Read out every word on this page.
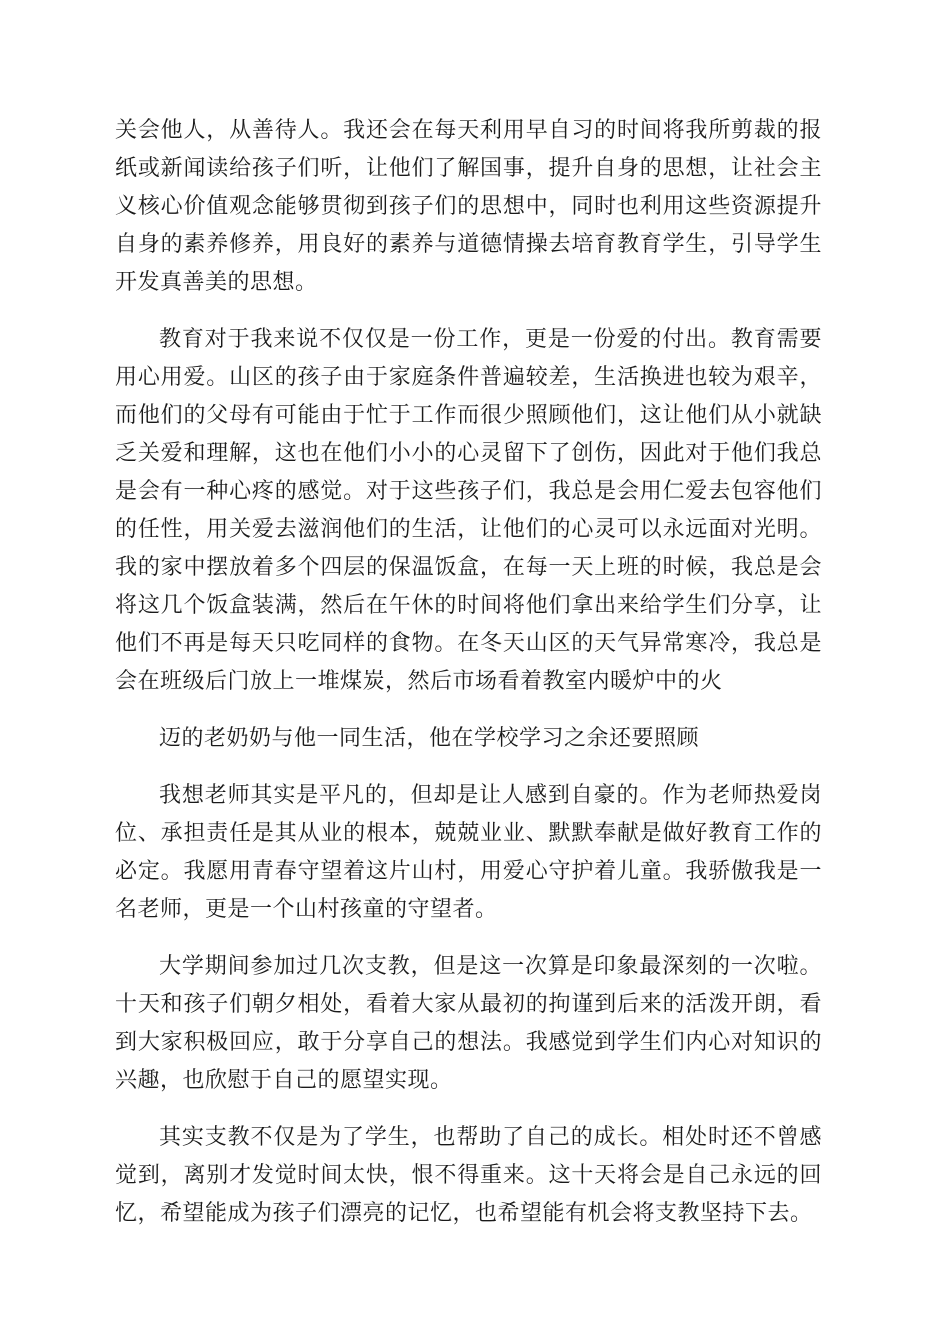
关会他人，从善待人。我还会在每天利用早自习的时间将我所剪裁的报纸或新闻读给孩子们听，让他们了解国事，提升自身的思想，让社会主义核心价值观念能够贯彻到孩子们的思想中，同时也利用这些资源提升自身的素养修养，用良好的素养与道德情操去培育教育学生，引导学生开发真善美的思想。

教育对于我来说不仅仅是一份工作，更是一份爱的付出。教育需要用心用爱。山区的孩子由于家庭条件普遍较差，生活换进也较为艰辛，而他们的父母有可能由于忙于工作而很少照顾他们，这让他们从小就缺乏关爱和理解，这也在他们小小的心灵留下了创伤，因此对于他们我总是会有一种心疼的感觉。对于这些孩子们，我总是会用仁爱去包容他们的任性，用关爱去滋润他们的生活，让他们的心灵可以永远面对光明。我的家中摆放着多个四层的保温饭盒，在每一天上班的时候，我总是会将这几个饭盒装满，然后在午休的时间将他们拿出来给学生们分享，让他们不再是每天只吃同样的食物。在冬天山区的天气异常寒冷，我总是会在班级后门放上一堆煤炭，然后市场看着教室内暖炉中的火

迈的老奶奶与他一同生活，他在学校学习之余还要照顾

我想老师其实是平凡的，但却是让人感到自豪的。作为老师热爱岗位、承担责任是其从业的根本，兢兢业业、默默奉献是做好教育工作的必定。我愿用青春守望着这片山村，用爱心守护着儿童。我骄傲我是一名老师，更是一个山村孩童的守望者。

大学期间参加过几次支教，但是这一次算是印象最深刻的一次啦。十天和孩子们朝夕相处，看着大家从最初的拘谨到后来的活泼开朗，看到大家积极回应，敢于分享自己的想法。我感觉到学生们内心对知识的兴趣，也欣慰于自己的愿望实现。

其实支教不仅是为了学生，也帮助了自己的成长。相处时还不曾感觉到，离别才发觉时间太快，恨不得重来。这十天将会是自己永远的回忆，希望能成为孩子们漂亮的记忆，也希望能有机会将支教坚持下去。
